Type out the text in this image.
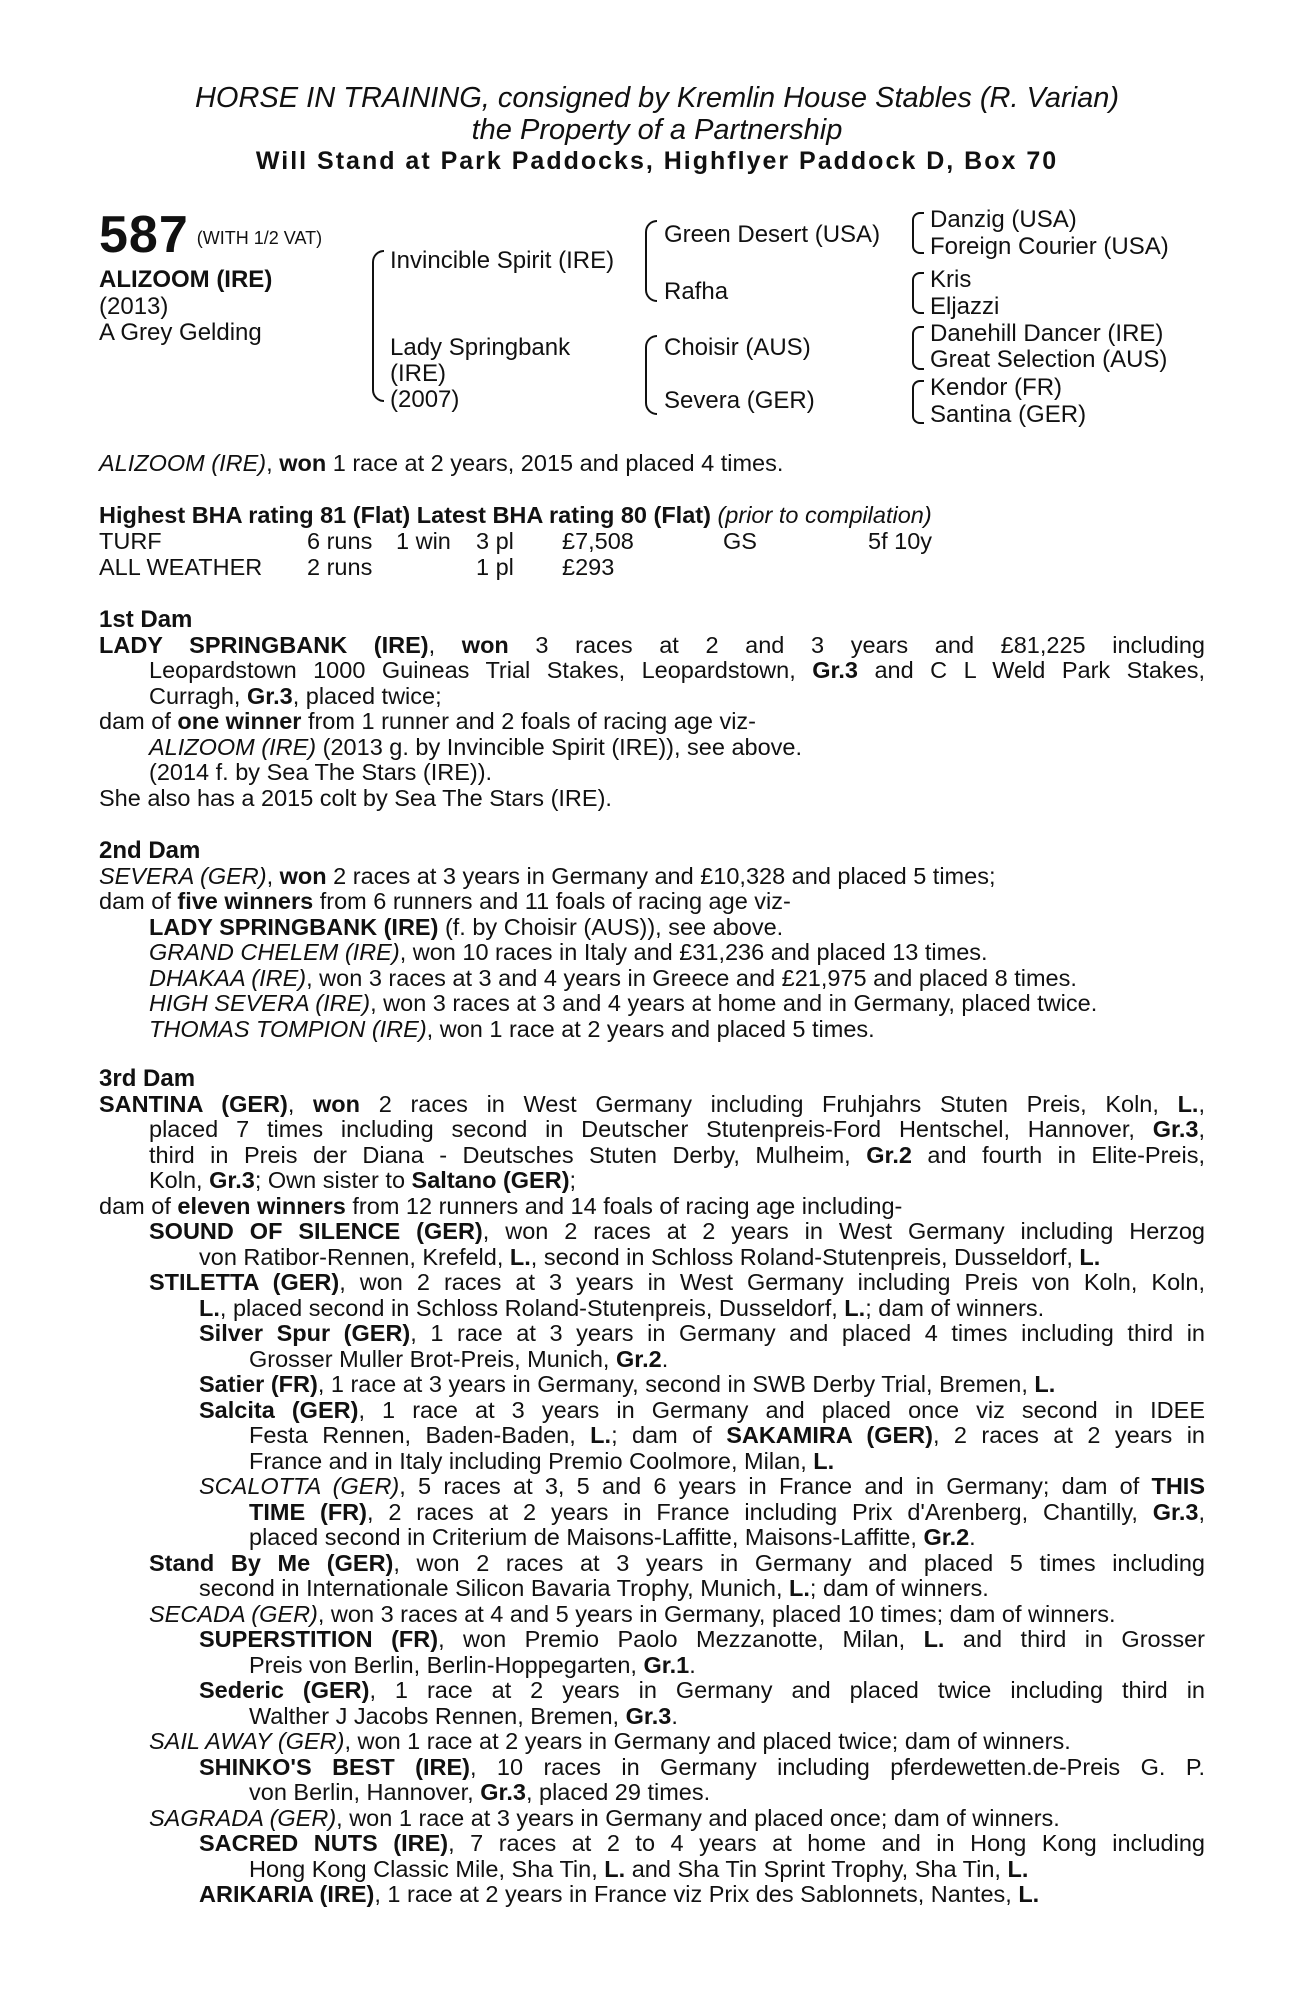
HORSE IN TRAINING, consigned by Kremlin House Stables (R. Varian)
the Property of a Partnership
Will Stand at Park Paddocks, Highflyer Paddock D, Box 70
587 (WITH 1/2 VAT)
ALIZOOM (IRE)
(2013)
A Grey Gelding
Invincible Spirit (IRE)
Lady Springbank
(IRE)
(2007)
Green Desert (USA)
Rafha
Choisir (AUS)
Severa (GER)
Danzig (USA)
Foreign Courier (USA)
Kris
Eljazzi
Danehill Dancer (IRE)
Great Selection (AUS)
Kendor (FR)
Santina (GER)
ALIZOOM (IRE), won 1 race at 2 years, 2015 and placed 4 times.
Highest BHA rating 81 (Flat) Latest BHA rating 80 (Flat) (prior to compilation)
TURF	6 runs 1 win 3 pl £7,508	GS	5f 10y
ALL WEATHER 2 runs	1 pl £293
1st Dam
LADY SPRINGBANK (IRE), won 3 races at 2 and 3 years and £81,225 including
Leopardstown 1000 Guineas Trial Stakes, Leopardstown, Gr.3 and C L Weld Park Stakes,
Curragh, Gr.3, placed twice;
dam of one winner from 1 runner and 2 foals of racing age viz-
ALIZOOM (IRE) (2013 g. by Invincible Spirit (IRE)), see above.
(2014 f. by Sea The Stars (IRE)).
She also has a 2015 colt by Sea The Stars (IRE).
2nd Dam
SEVERA (GER), won 2 races at 3 years in Germany and £10,328 and placed 5 times;
dam of five winners from 6 runners and 11 foals of racing age viz-
LADY SPRINGBANK (IRE) (f. by Choisir (AUS)), see above.
GRAND CHELEM (IRE), won 10 races in Italy and £31,236 and placed 13 times.
DHAKAA (IRE), won 3 races at 3 and 4 years in Greece and £21,975 and placed 8 times.
HIGH SEVERA (IRE), won 3 races at 3 and 4 years at home and in Germany, placed twice.
THOMAS TOMPION (IRE), won 1 race at 2 years and placed 5 times.
3rd Dam
SANTINA (GER), won 2 races in West Germany including Fruhjahrs Stuten Preis, Koln, L.,
placed 7 times including second in Deutscher Stutenpreis-Ford Hentschel, Hannover, Gr.3,
third in Preis der Diana - Deutsches Stuten Derby, Mulheim, Gr.2 and fourth in Elite-Preis,
Koln, Gr.3; Own sister to Saltano (GER);
dam of eleven winners from 12 runners and 14 foals of racing age including-
SOUND OF SILENCE (GER), won 2 races at 2 years in West Germany including Herzog
von Ratibor-Rennen, Krefeld, L., second in Schloss Roland-Stutenpreis, Dusseldorf, L.
STILETTA (GER), won 2 races at 3 years in West Germany including Preis von Koln, Koln,
L., placed second in Schloss Roland-Stutenpreis, Dusseldorf, L.; dam of winners.
Silver Spur (GER), 1 race at 3 years in Germany and placed 4 times including third in
Grosser Muller Brot-Preis, Munich, Gr.2.
Satier (FR), 1 race at 3 years in Germany, second in SWB Derby Trial, Bremen, L.
Salcita (GER), 1 race at 3 years in Germany and placed once viz second in IDEE
Festa Rennen, Baden-Baden, L.; dam of SAKAMIRA (GER), 2 races at 2 years in
France and in Italy including Premio Coolmore, Milan, L.
SCALOTTA (GER), 5 races at 3, 5 and 6 years in France and in Germany; dam of THIS
TIME (FR), 2 races at 2 years in France including Prix d'Arenberg, Chantilly, Gr.3,
placed second in Criterium de Maisons-Laffitte, Maisons-Laffitte, Gr.2.
Stand By Me (GER), won 2 races at 3 years in Germany and placed 5 times including
second in Internationale Silicon Bavaria Trophy, Munich, L.; dam of winners.
SECADA (GER), won 3 races at 4 and 5 years in Germany, placed 10 times; dam of winners.
SUPERSTITION (FR), won Premio Paolo Mezzanotte, Milan, L. and third in Grosser
Preis von Berlin, Berlin-Hoppegarten, Gr.1.
Sederic (GER), 1 race at 2 years in Germany and placed twice including third in
Walther J Jacobs Rennen, Bremen, Gr.3.
SAIL AWAY (GER), won 1 race at 2 years in Germany and placed twice; dam of winners.
SHINKO'S BEST (IRE), 10 races in Germany including pferdewetten.de-Preis G. P.
von Berlin, Hannover, Gr.3, placed 29 times.
SAGRADA (GER), won 1 race at 3 years in Germany and placed once; dam of winners.
SACRED NUTS (IRE), 7 races at 2 to 4 years at home and in Hong Kong including
Hong Kong Classic Mile, Sha Tin, L. and Sha Tin Sprint Trophy, Sha Tin, L.
ARIKARIA (IRE), 1 race at 2 years in France viz Prix des Sablonnets, Nantes, L.
